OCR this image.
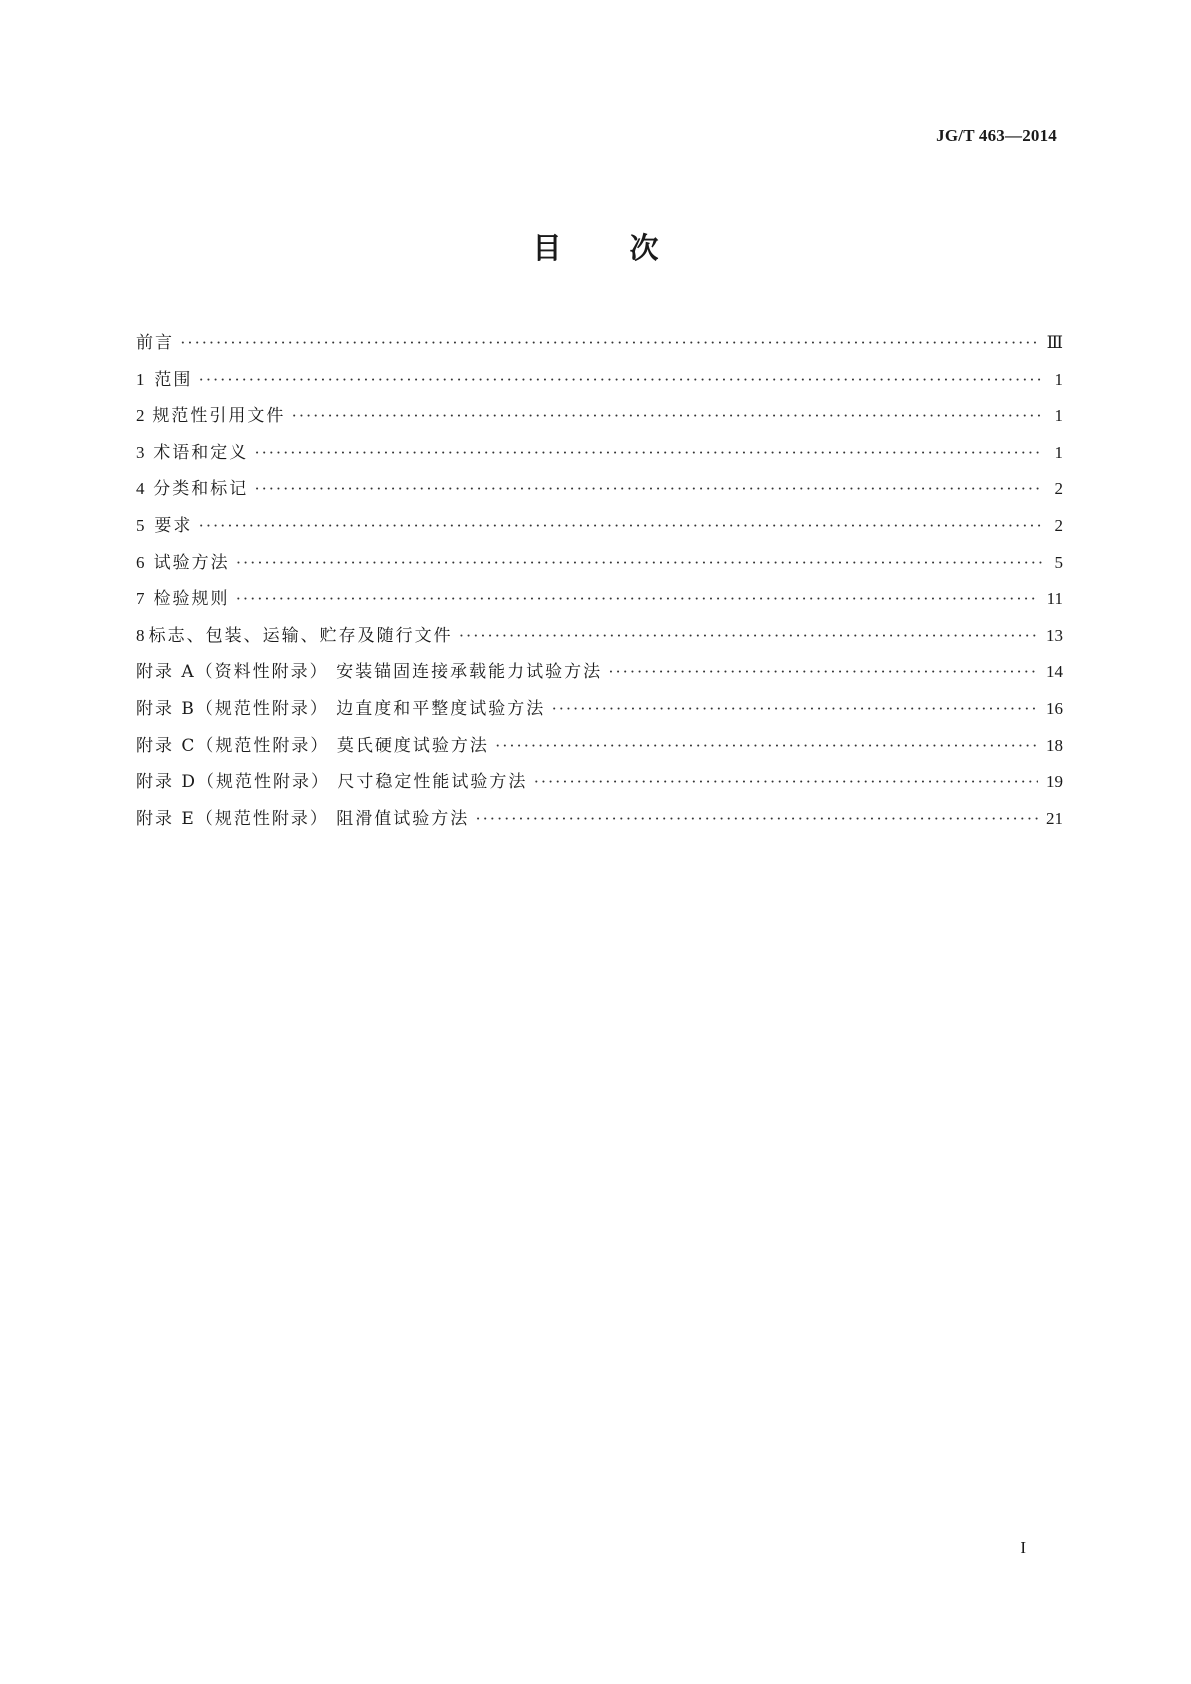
JG/T 463—2014
目 次
前言 ·····	Ⅲ
1 范围 ·····	1
2 规范性引用文件 ·····	1
3 术语和定义 ·····	1
4 分类和标记 ·····	2
5 要求 ·····	2
6 试验方法 ·····	5
7 检验规则 ·····	11
8 标志、包装、运输、贮存及随行文件 ·····	13
附录 A（资料性附录） 安装锚固连接承载能力试验方法 ·····	14
附录 B（规范性附录） 边直度和平整度试验方法 ·····	16
附录 C（规范性附录） 莫氏硬度试验方法 ·····	18
附录 D（规范性附录） 尺寸稳定性能试验方法 ·····	19
附录 E（规范性附录） 阻滑值试验方法 ·····	21
I
